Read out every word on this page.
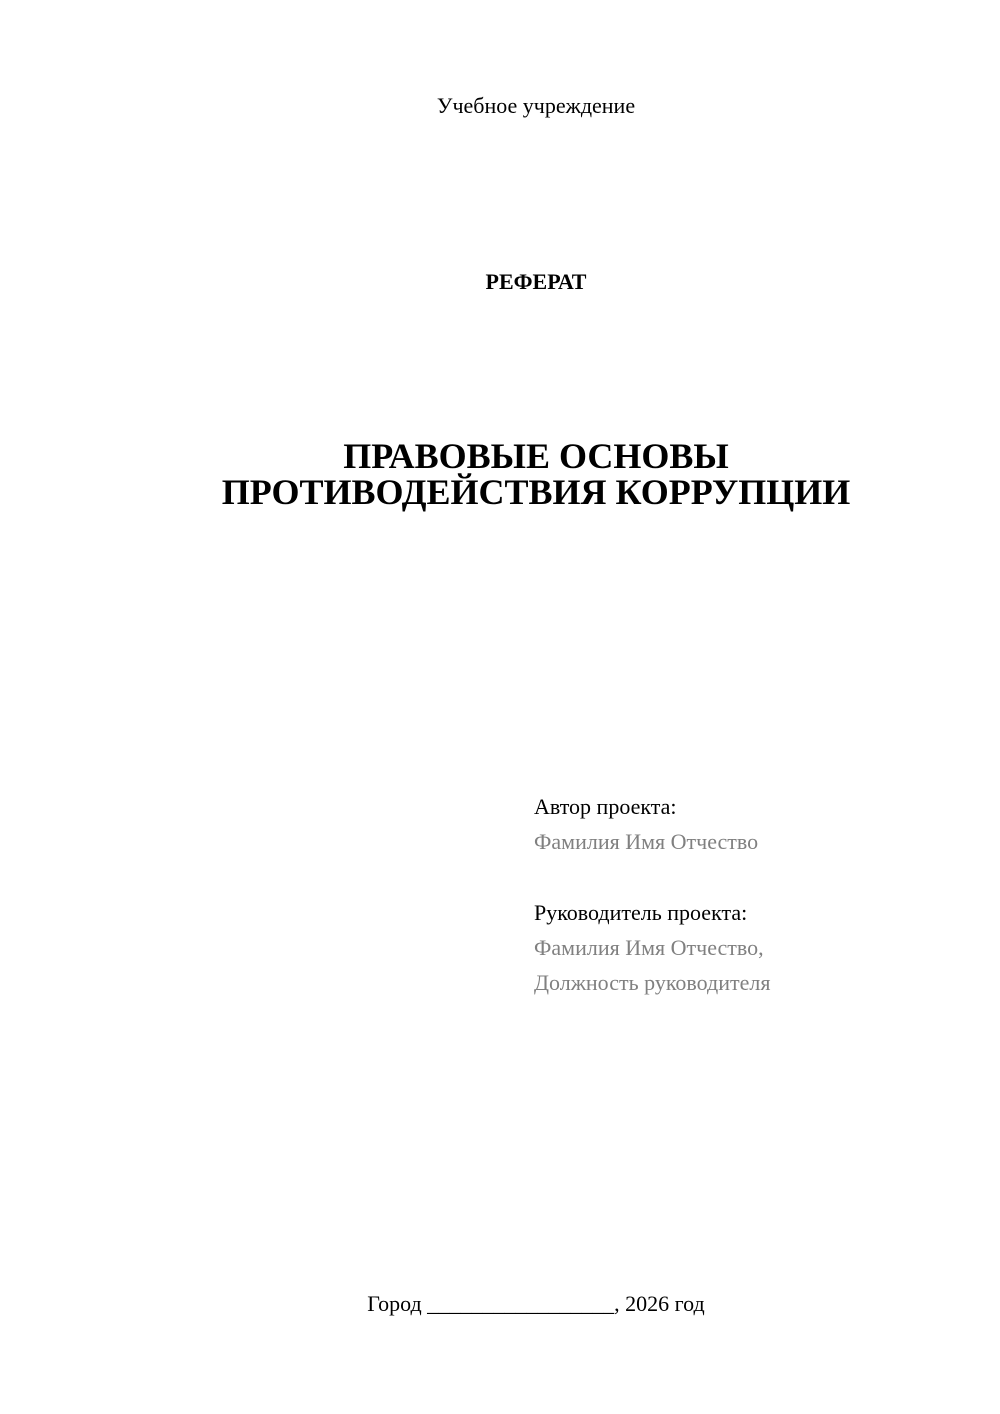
Учебное учреждение
РЕФЕРАТ
ПРАВОВЫЕ ОСНОВЫ
ПРОТИВОДЕЙСТВИЯ КОРРУПЦИИ
Автор проекта:
Фамилия Имя Отчество
Руководитель проекта:
Фамилия Имя Отчество,
Должность руководителя
Город _________________, 2026 год
